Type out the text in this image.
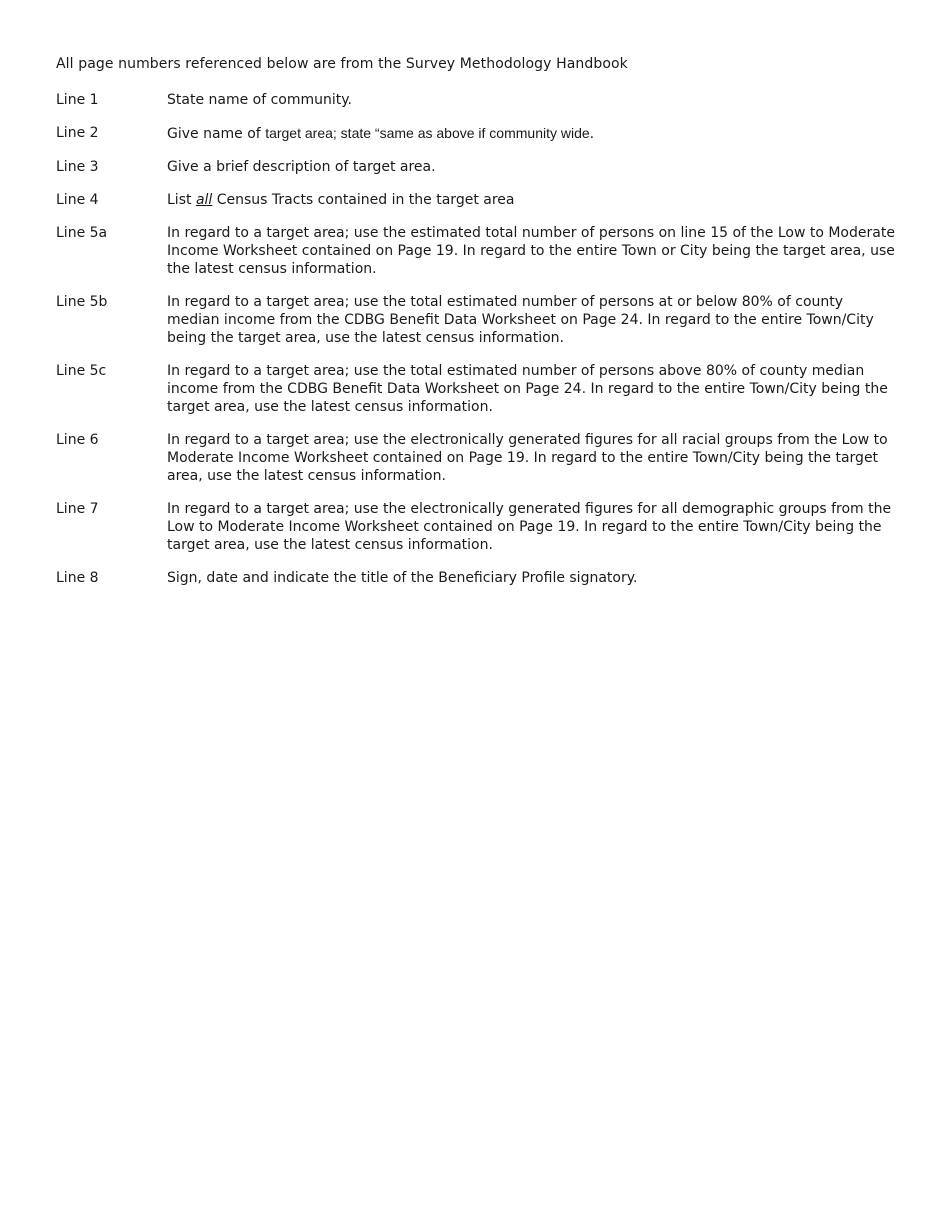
All page numbers referenced below are from the Survey Methodology Handbook

Line 1	State name of community.
Line 2	Give name of target area; state “same as above if community wide.
Line 3	Give a brief description of target area.
Line 4	List all Census Tracts contained in the target area
Line 5a	In regard to a target area; use the estimated total number of persons on line 15 of the Low to Moderate Income Worksheet contained on Page 19. In regard to the entire Town or City being the target area, use the latest census information.
Line 5b	In regard to a target area; use the total estimated number of persons at or below 80% of county median income from the CDBG Benefit Data Worksheet on Page 24. In regard to the entire Town/City being the target area, use the latest census information.
Line 5c	In regard to a target area; use the total estimated number of persons above 80% of county median income from the CDBG Benefit Data Worksheet on Page 24. In regard to the entire Town/City being the target area, use the latest census information.
Line 6	In regard to a target area; use the electronically generated figures for all racial groups from the Low to Moderate Income Worksheet contained on Page 19. In regard to the entire Town/City being the target area, use the latest census information.
Line 7	In regard to a target area; use the electronically generated figures for all demographic groups from the Low to Moderate Income Worksheet contained on Page 19. In regard to the entire Town/City being the target area, use the latest census information.
Line 8	Sign, date and indicate the title of the Beneficiary Profile signatory.
